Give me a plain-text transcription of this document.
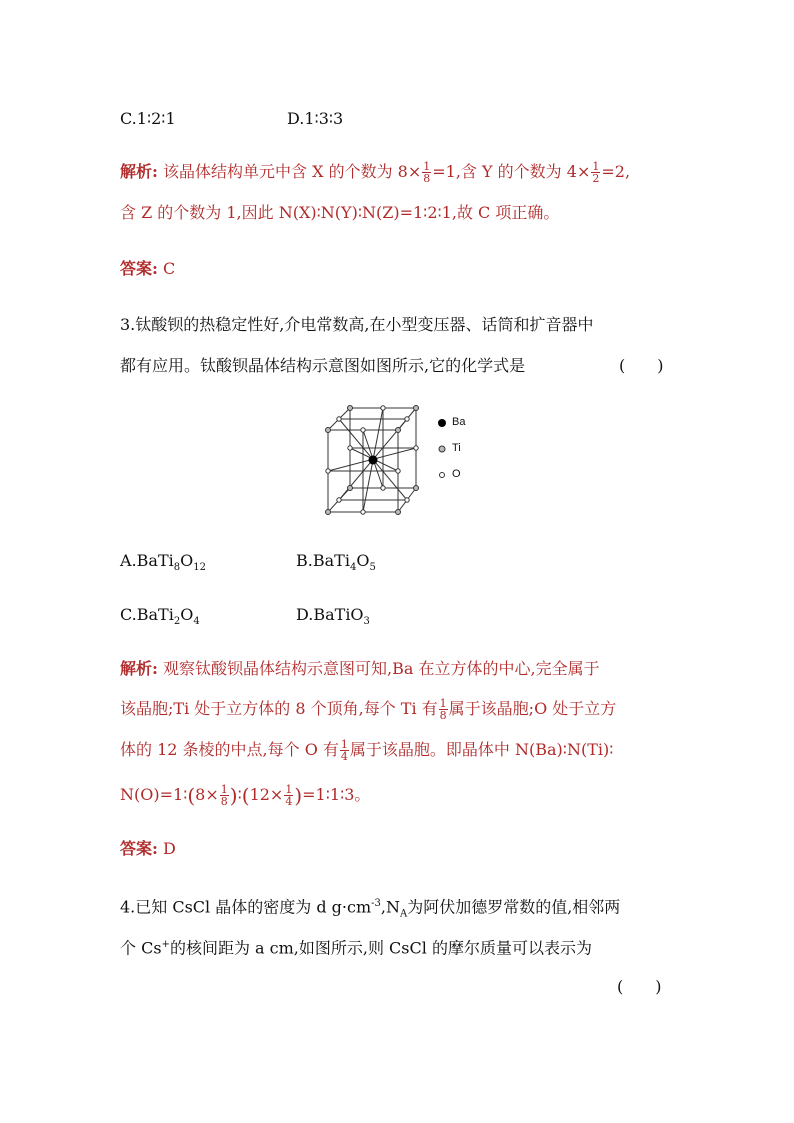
C.1∶2∶1	D.1∶3∶3
解析: 该晶体结构单元中含 X 的个数为 $8\times \frac{1}{8} =1$,含 Y 的个数为 $4\times \frac{1}{2} =2$,
含 Z 的个数为 1,因此 N(X)∶N(Y)∶N(Z)=1∶2∶1,故 C 项正确。
答案: C
3.钛酸钡的热稳定性好,介电常数高,在小型变压器、话筒和扩音器中
都有应用。钛酸钡晶体结构示意图如图所示,它的化学式是	(　　)
Ba
Ti
O
$A.BaTi_8O_{12}$	$B.BaTi_4O_5$
$C.BaTi_2O_4$	D.BaTiO$_3$
解析: 观察钛酸钡晶体结构示意图可知,Ba 在立方体的中心,完全属于
该晶胞;Ti 处于立方体的 8 个顶角,每个 Ti 有 $\frac{1}{8}$ 属于该晶胞;O 处于立方
体的 12 条棱的中点,每个 O 有 $\frac{1}{4}$ 属于该晶胞。即晶体中 N(Ba)∶N(Ti)∶
N(O)=1∶(8× $\frac{1}{8}$ )∶(12× $\frac{1}{4}$ )=1∶1∶3。
答案: D
4.已知 CsCl 晶体的密度为 d $g\cdot cm^{-3},N_A$为阿伏加德罗常数的值,相邻两
个 Cs+的核间距为 a cm,如图所示,则 CsCl 的摩尔质量可以表示为
(　　)
